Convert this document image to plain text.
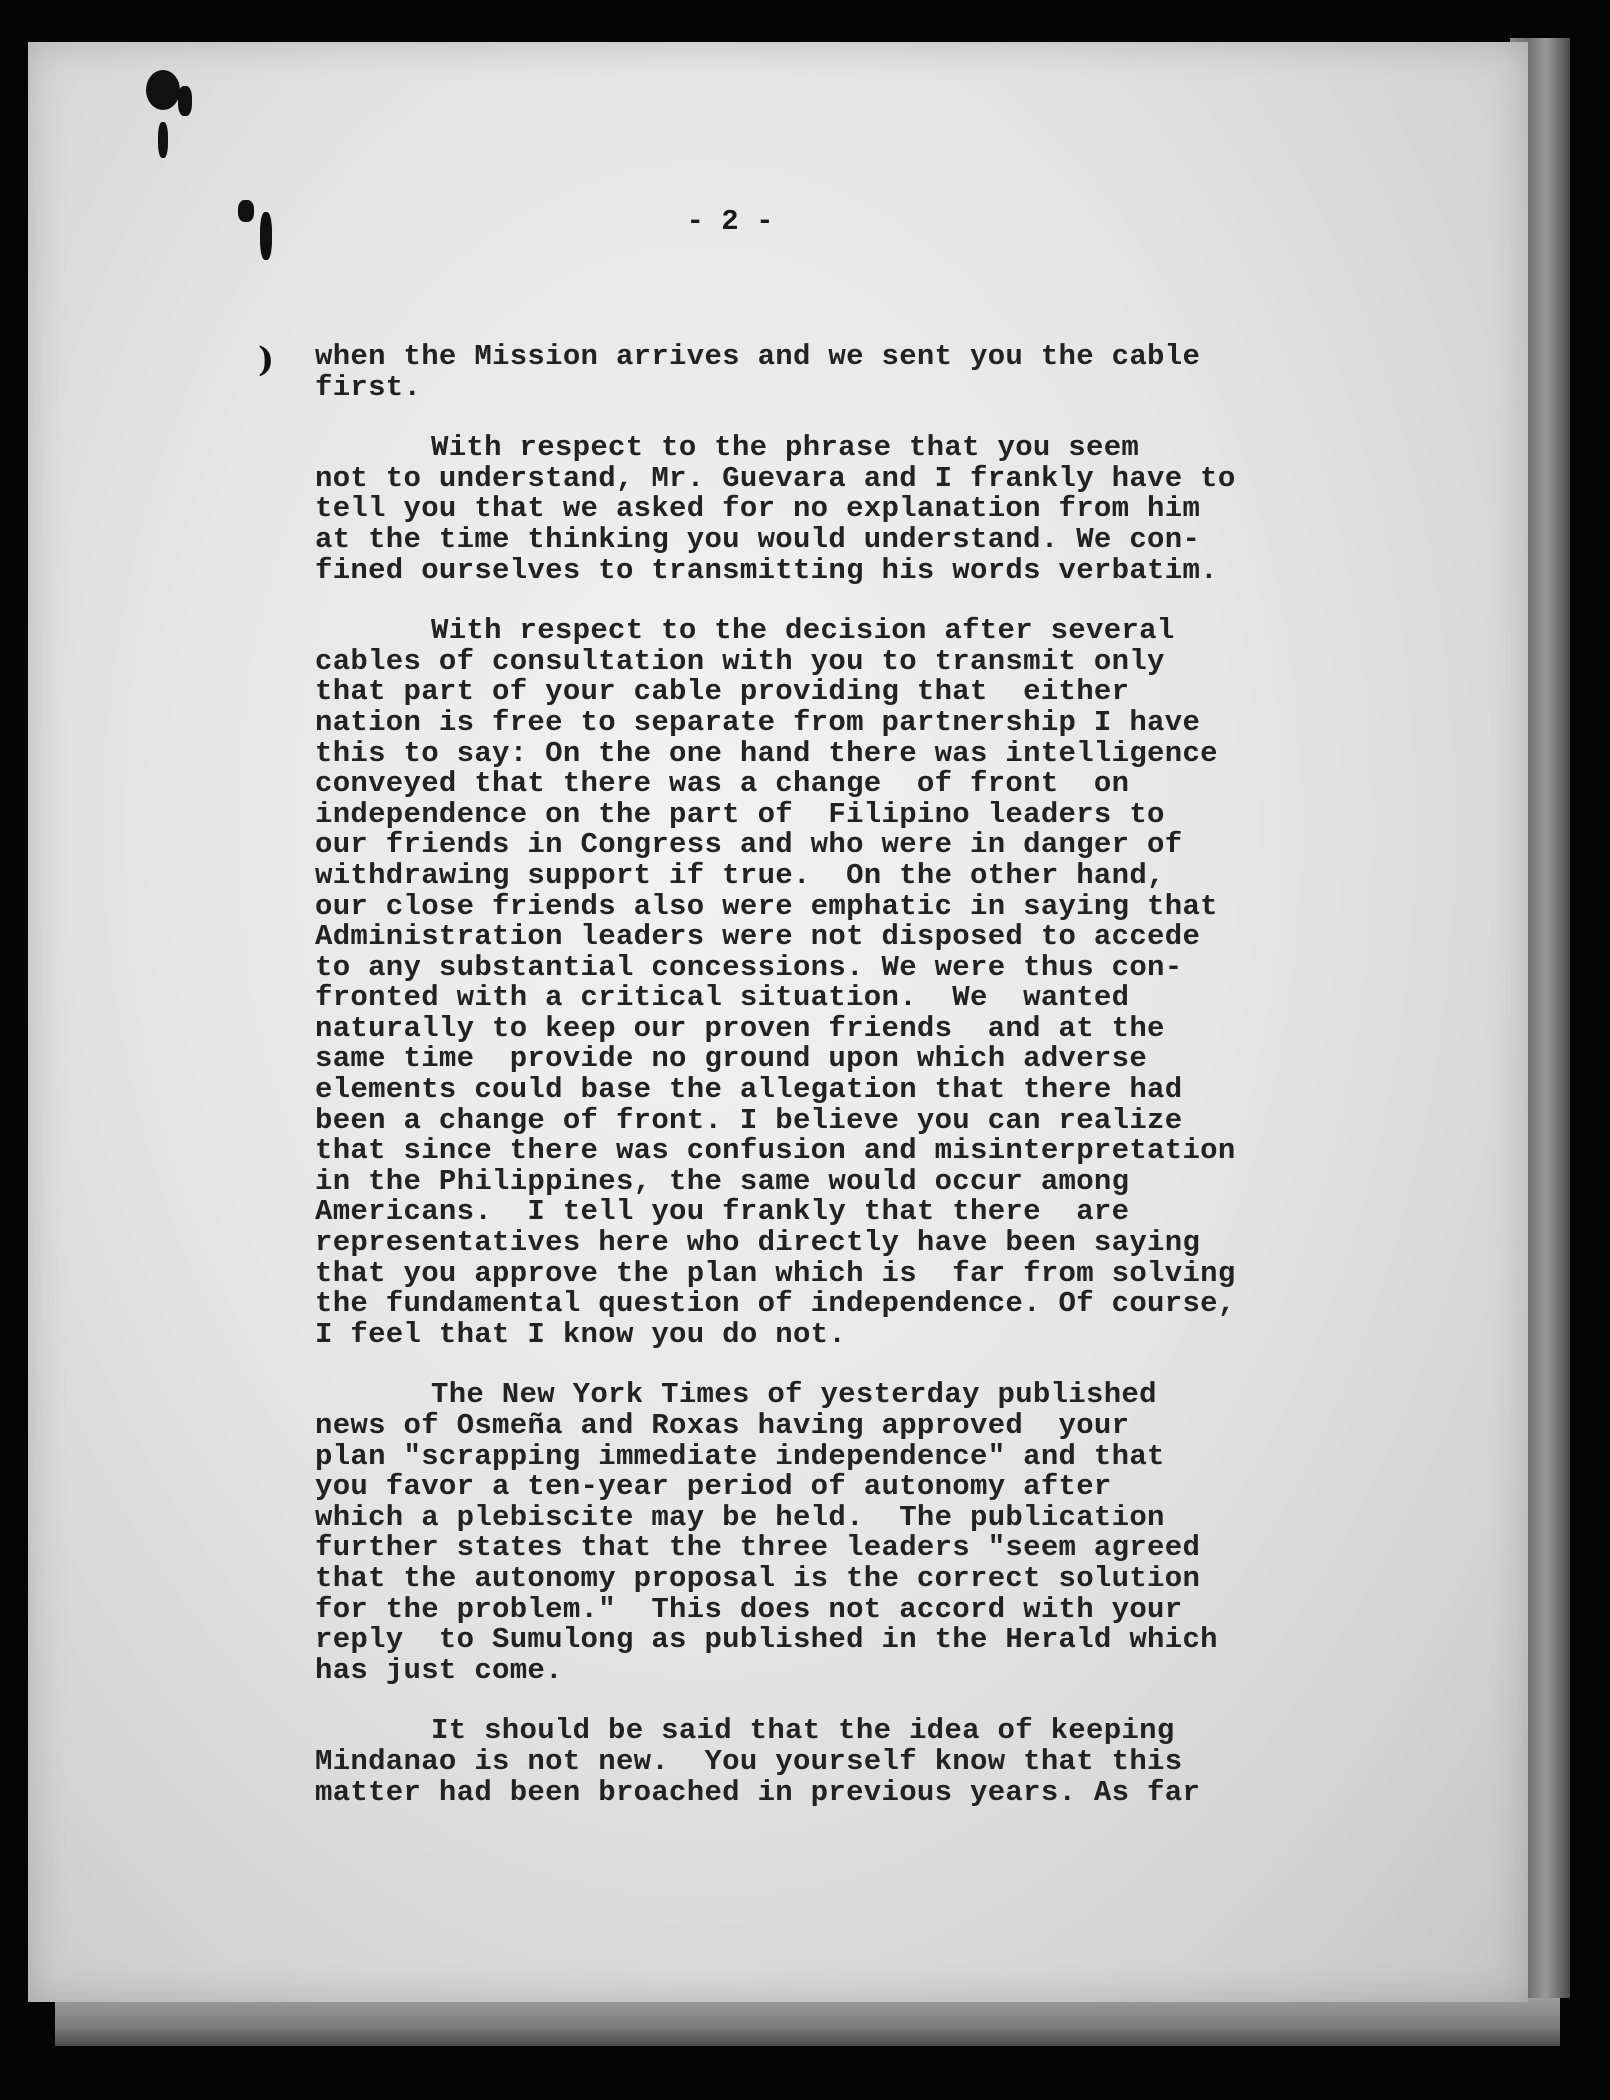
- 2 -
) when the Mission arrives and we sent you the cable
first.
With respect to the phrase that you seem
not to understand, Mr. Guevara and I frankly have to
tell you that we asked for no explanation from him
at the time thinking you would understand. We con-
fined ourselves to transmitting his words verbatim.
With respect to the decision after several
cables of consultation with you to transmit only
that part of your cable providing that  either
nation is free to separate from partnership I have
this to say: On the one hand there was intelligence
conveyed that there was a change  of front  on
independence on the part of  Filipino leaders to
our friends in Congress and who were in danger of
withdrawing support if true.  On the other hand,
our close friends also were emphatic in saying that
Administration leaders were not disposed to accede
to any substantial concessions. We were thus con-
fronted with a critical situation.  We  wanted
naturally to keep our proven friends  and at the
same time  provide no ground upon which adverse
elements could base the allegation that there had
been a change of front. I believe you can realize
that since there was confusion and misinterpretation
in the Philippines, the same would occur among
Americans.  I tell you frankly that there  are
representatives here who directly have been saying
that you approve the plan which is  far from solving
the fundamental question of independence. Of course,
I feel that I know you do not.
The New York Times of yesterday published
news of Osmeña and Roxas having approved  your
plan "scrapping immediate independence" and that
you favor a ten-year period of autonomy after
which a plebiscite may be held.  The publication
further states that the three leaders "seem agreed
that the autonomy proposal is the correct solution
for the problem."  This does not accord with your
reply  to Sumulong as published in the Herald which
has just come.
It should be said that the idea of keeping
Mindanao is not new.  You yourself know that this
matter had been broached in previous years. As far
